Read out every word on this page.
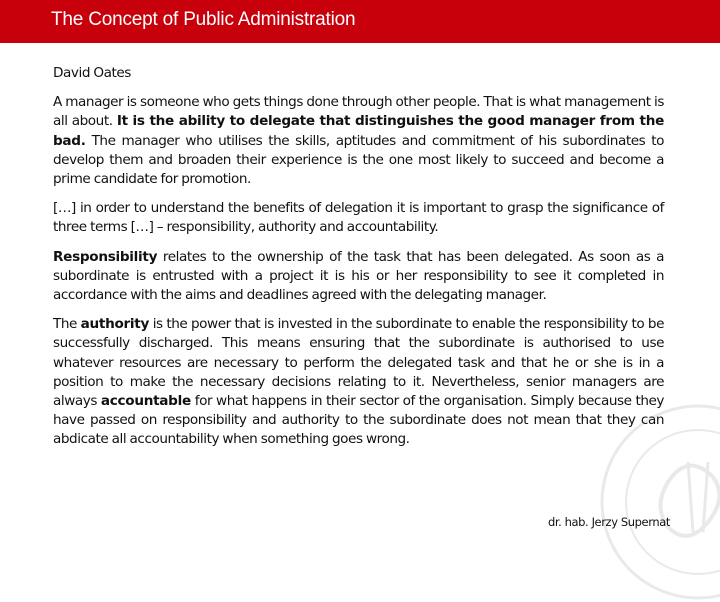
The Concept of Public Administration
David Oates

A manager is someone who gets things done through other people. That is what management is all about. It is the ability to delegate that distinguishes the good manager from the bad. The manager who utilises the skills, aptitudes and commitment of his subordinates to develop them and broaden their experience is the one most likely to succeed and become a prime candidate for promotion.

[…] in order to understand the benefits of delegation it is important to grasp the significance of three terms […] – responsibility, authority and accountability.

Responsibility relates to the ownership of the task that has been delegated. As soon as a subordinate is entrusted with a project it is his or her responsibility to see it completed in accordance with the aims and deadlines agreed with the delegating manager.

The authority is the power that is invested in the subordinate to enable the responsibility to be successfully discharged. This means ensuring that the subordinate is authorised to use whatever resources are necessary to perform the delegated task and that he or she is in a position to make the necessary decisions relating to it. Nevertheless, senior managers are always accountable for what happens in their sector of the organisation. Simply because they have passed on responsibility and authority to the subordinate does not mean that they can abdicate all accountability when something goes wrong.

dr. hab. Jerzy Supernat
